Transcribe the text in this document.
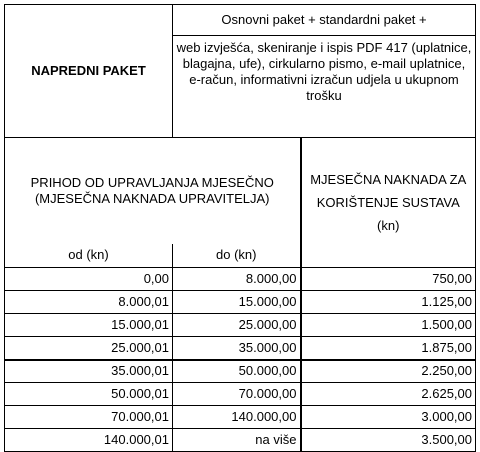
NAPREDNI PAKET	Osnovni paket + standardni paket +	
	web izvješća, skeniranje i ispis PDF 417 (uplatnice, blagajna, ufe), cirkularno pismo, e-mail uplatnice, e-račun, informativni izračun udjela u ukupnom trošku	
PRIHOD OD UPRAVLJANJA MJESEČNO (MJESEČNA NAKNADA UPRAVITELJA)		MJESEČNA NAKNADA ZA KORIŠTENJE SUSTAVA
(kn)

od (kn)	do (kn)	
0,00	8.000,00	750,00
8.000,01	15.000,00	1.125,00
15.000,01	25.000,00	1.500,00
25.000,01	35.000,00	1.875,00
35.000,01	50.000,00	2.250,00
50.000,01	70.000,00	2.625,00
70.000,01	140.000,00	3.000,00
140.000,01	na više	3.500,00
